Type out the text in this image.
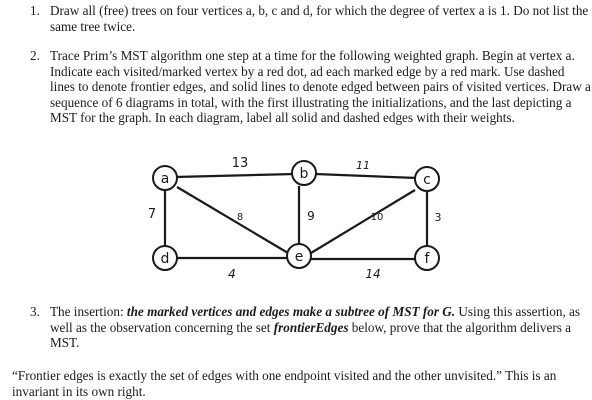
1. Draw all (free) trees on four vertices a, b, c and d, for which the degree of vertex a is 1. Do not list the same tree twice.
2. Trace Prim’s MST algorithm one step at a time for the following weighted graph. Begin at vertex a. Indicate each visited/marked vertex by a red dot, ad each marked edge by a red mark. Use dashed lines to denote frontier edges, and solid lines to denote edged between pairs of visited vertices. Draw a sequence of 6 diagrams in total, with the first illustrating the initializations, and the last depicting a MST for the graph. In each diagram, label all solid and dashed edges with their weights.
a	b	c
d	e	f
13	11
7	8	9	10	3
4	14
3. The insertion: the marked vertices and edges make a subtree of MST for G. Using this assertion, as well as the observation concerning the set frontierEdges below, prove that the algorithm delivers a MST.
“Frontier edges is exactly the set of edges with one endpoint visited and the other unvisited.” This is an invariant in its own right.
